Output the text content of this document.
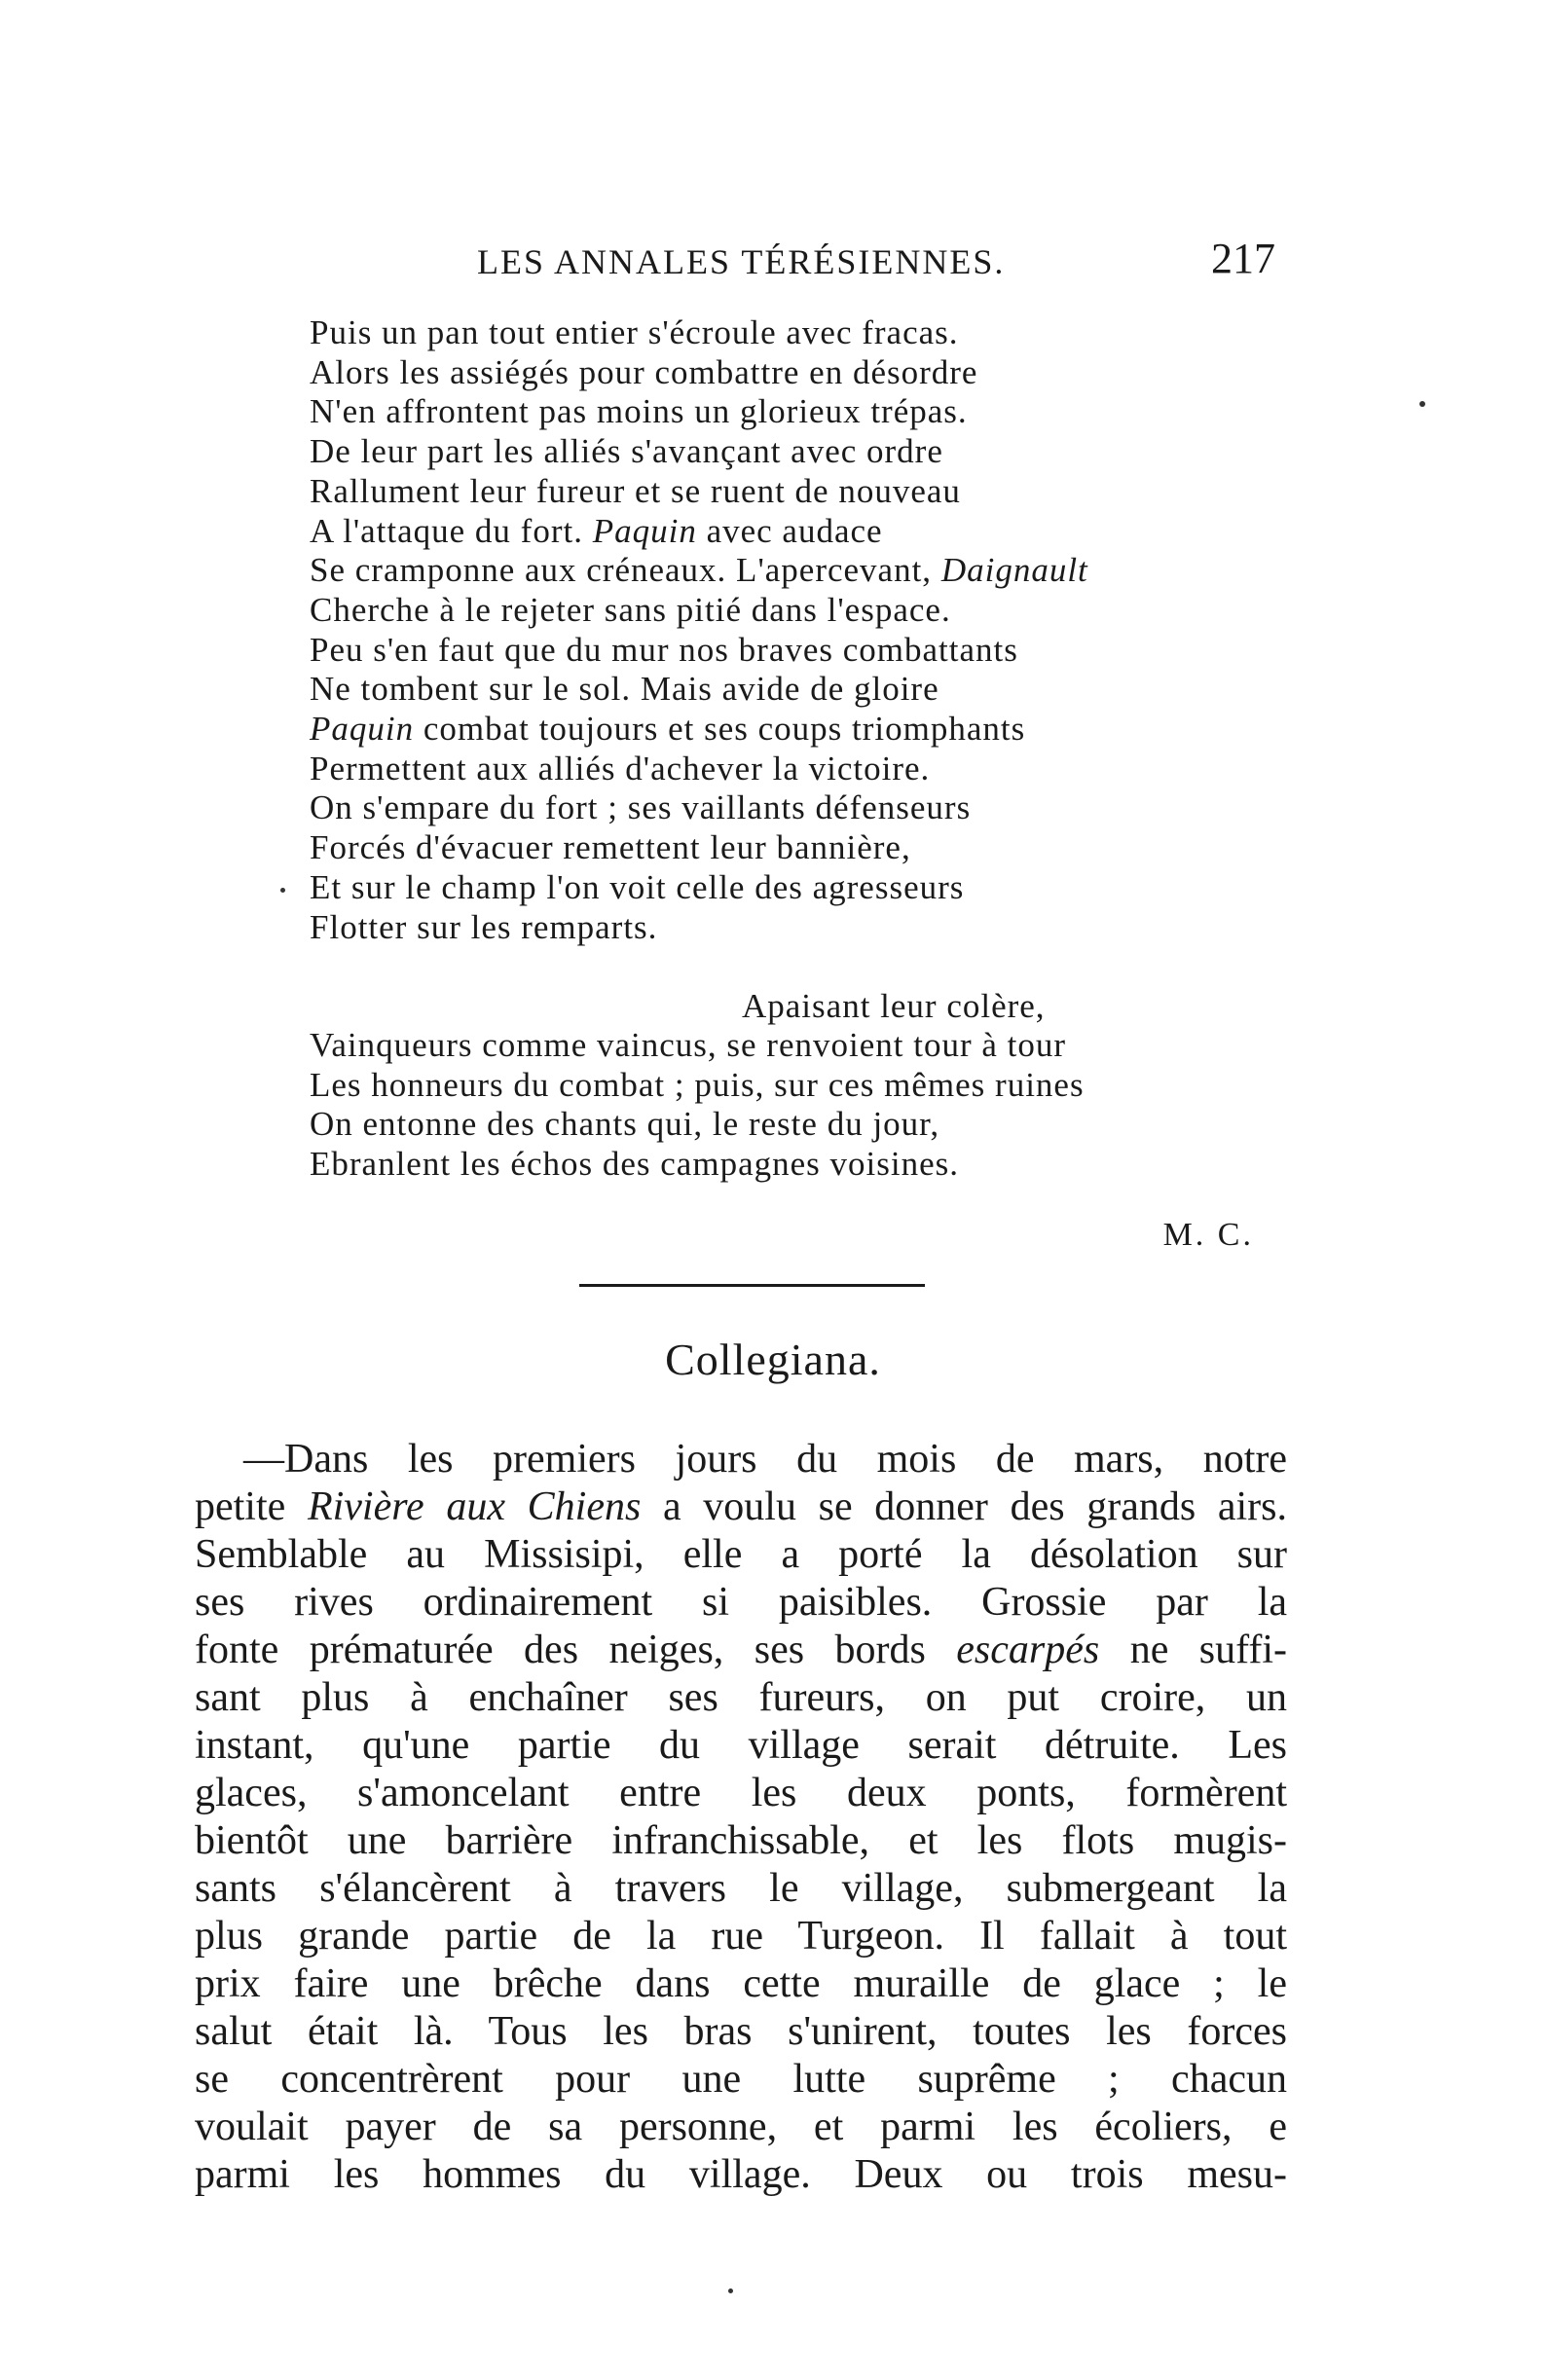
LES ANNALES TÉRÉSIENNES.	217
Puis un pan tout entier s'écroule avec fracas.
Alors les assiégés pour combattre en désordre
N'en affrontent pas moins un glorieux trépas.
De leur part les alliés s'avançant avec ordre
Rallument leur fureur et se ruent de nouveau
A l'attaque du fort. Paquin avec audace
Se cramponne aux créneaux. L'apercevant, Daignault
Cherche à le rejeter sans pitié dans l'espace.
Peu s'en faut que du mur nos braves combattants
Ne tombent sur le sol. Mais avide de gloire
Paquin combat toujours et ses coups triomphants
Permettent aux alliés d'achever la victoire.
On s'empare du fort ; ses vaillants défenseurs
Forcés d'évacuer remettent leur bannière,
Et sur le champ l'on voit celle des agresseurs
Flotter sur les remparts.
Apaisant leur colère,
Vainqueurs comme vaincus, se renvoient tour à tour
Les honneurs du combat ; puis, sur ces mêmes ruines
On entonne des chants qui, le reste du jour,
Ebranlent les échos des campagnes voisines.
M. C.
Collegiana.
—Dans les premiers jours du mois de mars, notre
petite Rivière aux Chiens a voulu se donner des grands airs.
Semblable au Missisipi, elle a porté la désolation sur
ses rives ordinairement si paisibles. Grossie par la
fonte prématurée des neiges, ses bords escarpés ne suffi-
sant plus à enchaîner ses fureurs, on put croire, un
instant, qu'une partie du village serait détruite. Les
glaces, s'amoncelant entre les deux ponts, formèrent
bientôt une barrière infranchissable, et les flots mugis-
sants s'élancèrent à travers le village, submergeant la
plus grande partie de la rue Turgeon. Il fallait à tout
prix faire une brêche dans cette muraille de glace ; le
salut était là. Tous les bras s'unirent, toutes les forces
se concentrèrent pour une lutte suprême ; chacun
voulait payer de sa personne, et parmi les écoliers, e
parmi les hommes du village. Deux ou trois mesu-
